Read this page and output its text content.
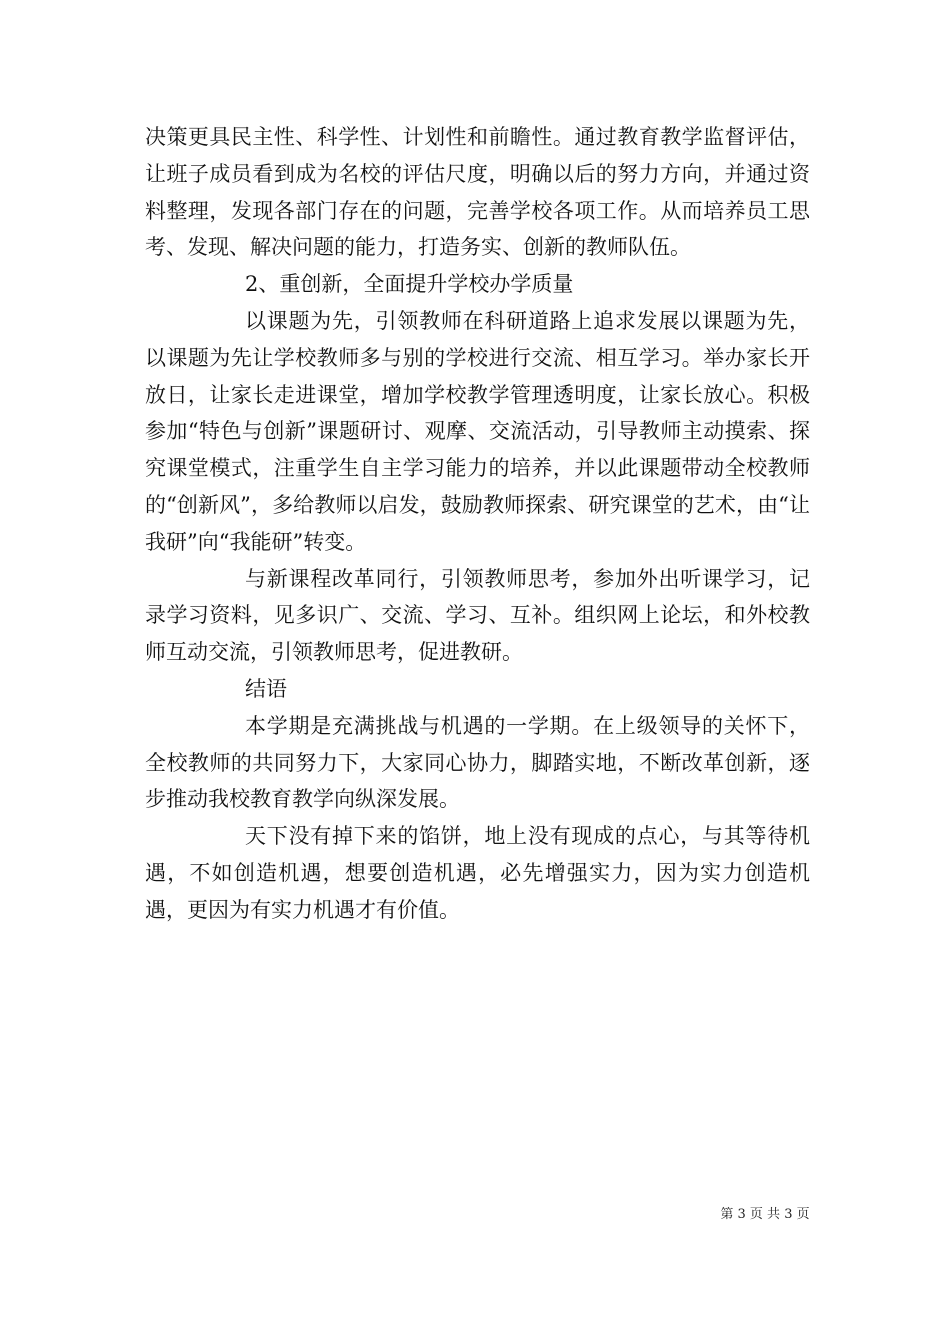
决策更具民主性、科学性、计划性和前瞻性。通过教育教学监督评估，让班子成员看到成为名校的评估尺度，明确以后的努力方向，并通过资料整理，发现各部门存在的问题，完善学校各项工作。从而培养员工思考、发现、解决问题的能力，打造务实、创新的教师队伍。

2、重创新，全面提升学校办学质量

以课题为先，引领教师在科研道路上追求发展以课题为先，以课题为先让学校教师多与别的学校进行交流、相互学习。举办家长开放日，让家长走进课堂，增加学校教学管理透明度，让家长放心。积极参加“特色与创新”课题研讨、观摩、交流活动，引导教师主动摸索、探究课堂模式，注重学生自主学习能力的培养，并以此课题带动全校教师的“创新风”，多给教师以启发，鼓励教师探索、研究课堂的艺术，由“让我研”向“我能研”转变。

与新课程改革同行，引领教师思考，参加外出听课学习，记录学习资料，见多识广、交流、学习、互补。组织网上论坛，和外校教师互动交流，引领教师思考，促进教研。

结语

本学期是充满挑战与机遇的一学期。在上级领导的关怀下，全校教师的共同努力下，大家同心协力，脚踏实地，不断改革创新，逐步推动我校教育教学向纵深发展。

天下没有掉下来的馅饼，地上没有现成的点心，与其等待机遇，不如创造机遇，想要创造机遇，必先增强实力，因为实力创造机遇，更因为有实力机遇才有价值。

第 3 页 共 3 页
